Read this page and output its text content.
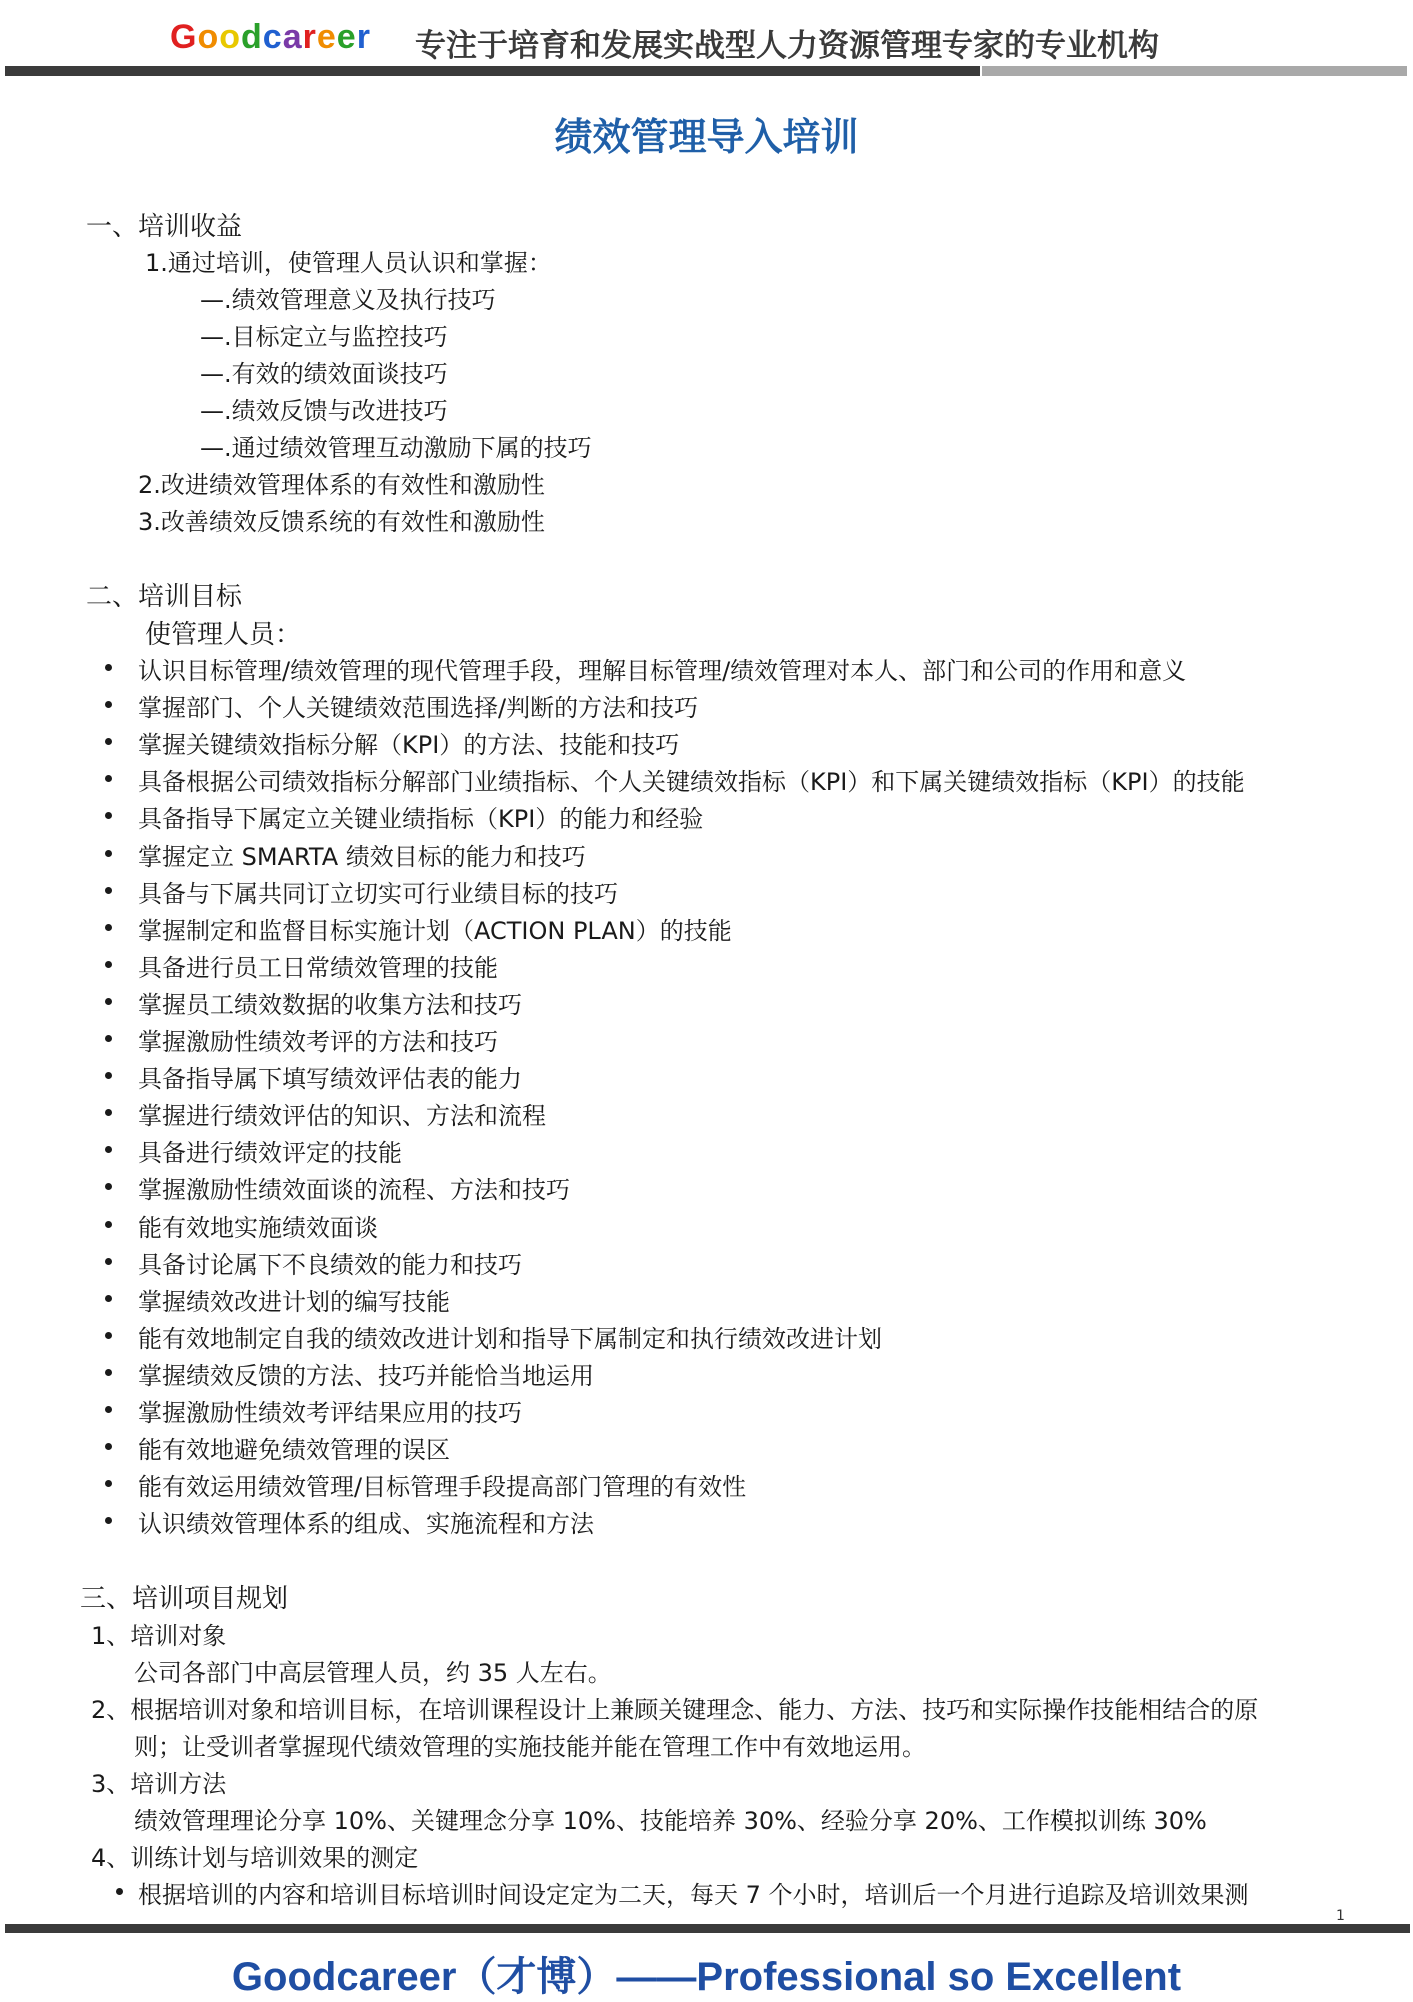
Goodcareer 专注于培育和发展实战型人力资源管理专家的专业机构
绩效管理导入培训
一、培训收益
1.通过培训，使管理人员认识和掌握：
—.绩效管理意义及执行技巧
—.目标定立与监控技巧
—.有效的绩效面谈技巧
—.绩效反馈与改进技巧
—.通过绩效管理互动激励下属的技巧
2.改进绩效管理体系的有效性和激励性
3.改善绩效反馈系统的有效性和激励性
二、培训目标
使管理人员：
认识目标管理/绩效管理的现代管理手段，理解目标管理/绩效管理对本人、部门和公司的作用和意义
掌握部门、个人关键绩效范围选择/判断的方法和技巧
掌握关键绩效指标分解（KPI）的方法、技能和技巧
具备根据公司绩效指标分解部门业绩指标、个人关键绩效指标（KPI）和下属关键绩效指标（KPI）的技能
具备指导下属定立关键业绩指标（KPI）的能力和经验
掌握定立 SMARTA 绩效目标的能力和技巧
具备与下属共同订立切实可行业绩目标的技巧
掌握制定和监督目标实施计划（ACTION PLAN）的技能
具备进行员工日常绩效管理的技能
掌握员工绩效数据的收集方法和技巧
掌握激励性绩效考评的方法和技巧
具备指导属下填写绩效评估表的能力
掌握进行绩效评估的知识、方法和流程
具备进行绩效评定的技能
掌握激励性绩效面谈的流程、方法和技巧
能有效地实施绩效面谈
具备讨论属下不良绩效的能力和技巧
掌握绩效改进计划的编写技能
能有效地制定自我的绩效改进计划和指导下属制定和执行绩效改进计划
掌握绩效反馈的方法、技巧并能恰当地运用
掌握激励性绩效考评结果应用的技巧
能有效地避免绩效管理的误区
能有效运用绩效管理/目标管理手段提高部门管理的有效性
认识绩效管理体系的组成、实施流程和方法
三、培训项目规划
1、培训对象
公司各部门中高层管理人员，约 35 人左右。
2、根据培训对象和培训目标，在培训课程设计上兼顾关键理念、能力、方法、技巧和实际操作技能相结合的原
则；让受训者掌握现代绩效管理的实施技能并能在管理工作中有效地运用。
3、培训方法
绩效管理理论分享 10%、关键理念分享 10%、技能培养 30%、经验分享 20%、工作模拟训练 30%
4、训练计划与培训效果的测定
根据培训的内容和培训目标培训时间设定定为二天，每天 7 个小时，培训后一个月进行追踪及培训效果测
1
Goodcareer（才博）——Professional so Excellent
